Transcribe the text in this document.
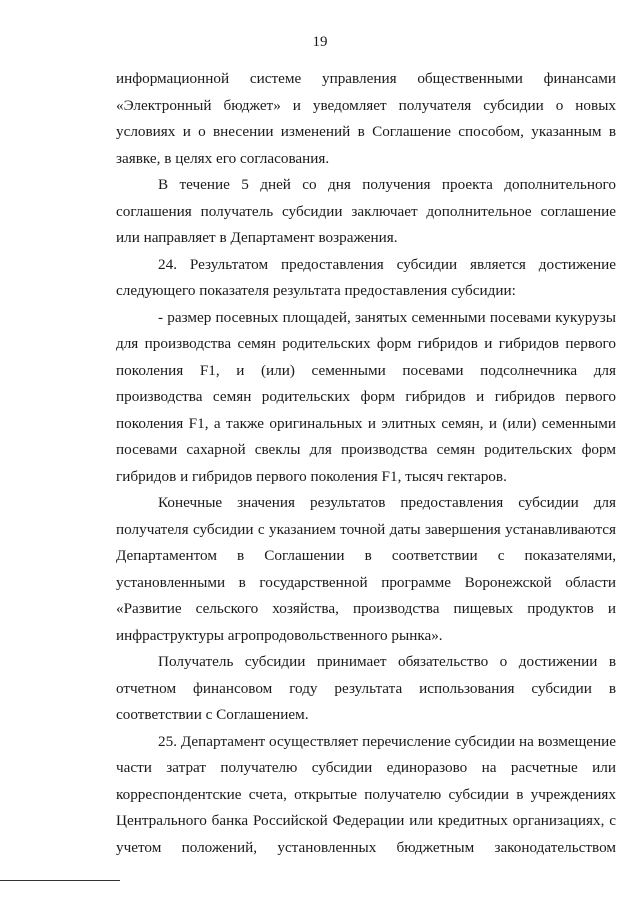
19

информационной системе управления общественными финансами «Электронный бюджет» и уведомляет получателя субсидии о новых условиях и о внесении изменений в Соглашение способом, указанным в заявке, в целях его согласования.

В течение 5 дней со дня получения проекта дополнительного соглашения получатель субсидии заключает дополнительное соглашение или направляет в Департамент возражения.

24. Результатом предоставления субсидии является достижение следующего показателя результата предоставления субсидии:

- размер посевных площадей, занятых семенными посевами кукурузы для производства семян родительских форм гибридов и гибридов первого поколения F1, и (или) семенными посевами подсолнечника для производства семян родительских форм гибридов и гибридов первого поколения F1, а также оригинальных и элитных семян, и (или) семенными посевами сахарной свеклы для производства семян родительских форм гибридов и гибридов первого поколения F1, тысяч гектаров.

Конечные значения результатов предоставления субсидии для получателя субсидии с указанием точной даты завершения устанавливаются Департаментом в Соглашении в соответствии с показателями, установленными в государственной программе Воронежской области «Развитие сельского хозяйства, производства пищевых продуктов и инфраструктуры агропродовольственного рынка».

Получатель субсидии принимает обязательство о достижении в отчетном финансовом году результата использования субсидии в соответствии с Соглашением.

25. Департамент осуществляет перечисление субсидии на возмещение части затрат получателю субсидии единоразово на расчетные или корреспондентские счета, открытые получателю субсидии в учреждениях Центрального банка Российской Федерации или кредитных организациях, с учетом положений, установленных бюджетным законодательством
